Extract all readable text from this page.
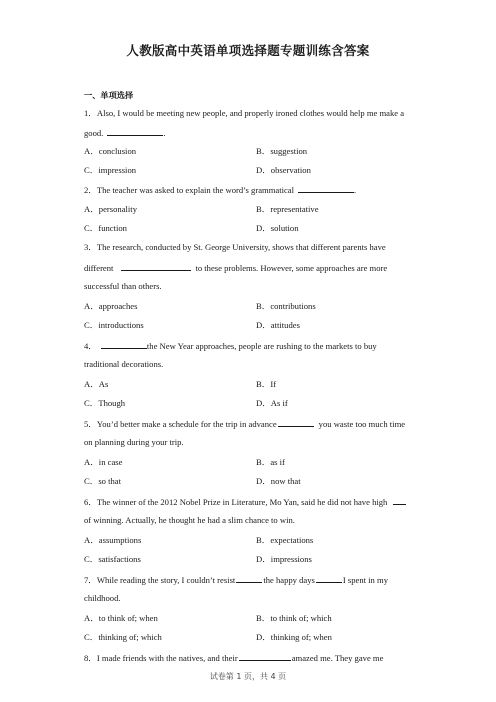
人教版高中英语单项选择题专题训练含答案
一、单项选择
1．Also, I would be meeting new people, and properly ironed clothes would help me make a
good.	.
A．conclusion	B．suggestion
C．impression	D．observation
2．The teacher was asked to explain the word’s grammatical	.
A．personality	B．representative
C．function	D．solution
3．The research, conducted by St. George University, shows that different parents have
different	to these problems. However, some approaches are more
successful than others.
A．approaches	B．contributions
C．introductions	D．attitudes
4．	the New Year approaches, people are rushing to the markets to buy
traditional decorations.
A．As	B．If
C．Though	D．As if
5．You’d better make a schedule for the trip in advance	you waste too much time
on planning during your trip.
A．in case	B．as if
C．so that	D．now that
6．The winner of the 2012 Nobel Prize in Literature, Mo Yan, said he did not have high
of winning. Actually, he thought he had a slim chance to win.
A．assumptions	B．expectations
C．satisfactions	D．impressions
7．While reading the story, I couldn’t resist	the happy days	I spent in my
childhood.
A．to think of; when	B．to think of; which
C．thinking of; which	D．thinking of; when
8．I made friends with the natives, and their	amazed me. They gave me
试卷第 1 页，共 4 页
